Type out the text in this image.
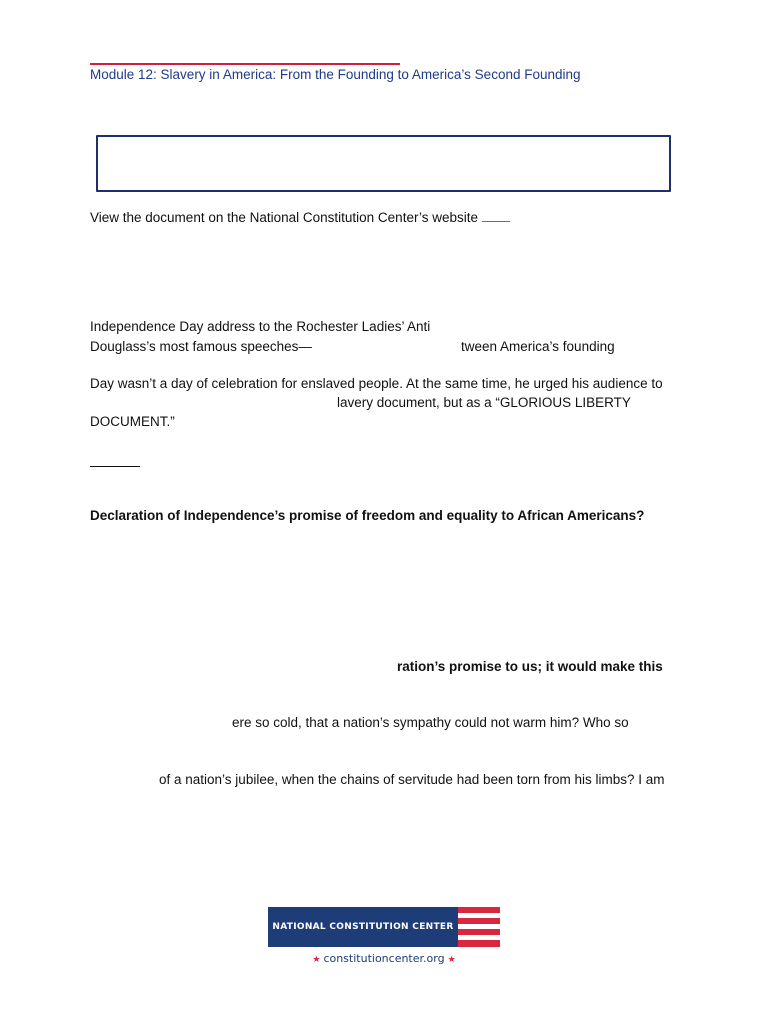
Module 12: Slavery in America: From the Founding to America’s Second Founding
View the document on the National Constitution Center’s website
Independence Day address to the Rochester Ladies’ Anti
Douglass’s most famous speeches—	tween America’s founding
Day wasn’t a day of celebration for enslaved people. At the same time, he urged his audience to
lavery document, but as a “GLORIOUS LIBERTY
DOCUMENT.”
Declaration of Independence’s promise of freedom and equality to African Americans?
ration’s promise to us; it would make this
ere so cold, that a nation’s sympathy could not warm him? Who so
of a nation’s jubilee, when the chains of servitude had been torn from his limbs? I am
NATIONAL CONSTITUTION CENTER
★ constitutioncenter.org ★
